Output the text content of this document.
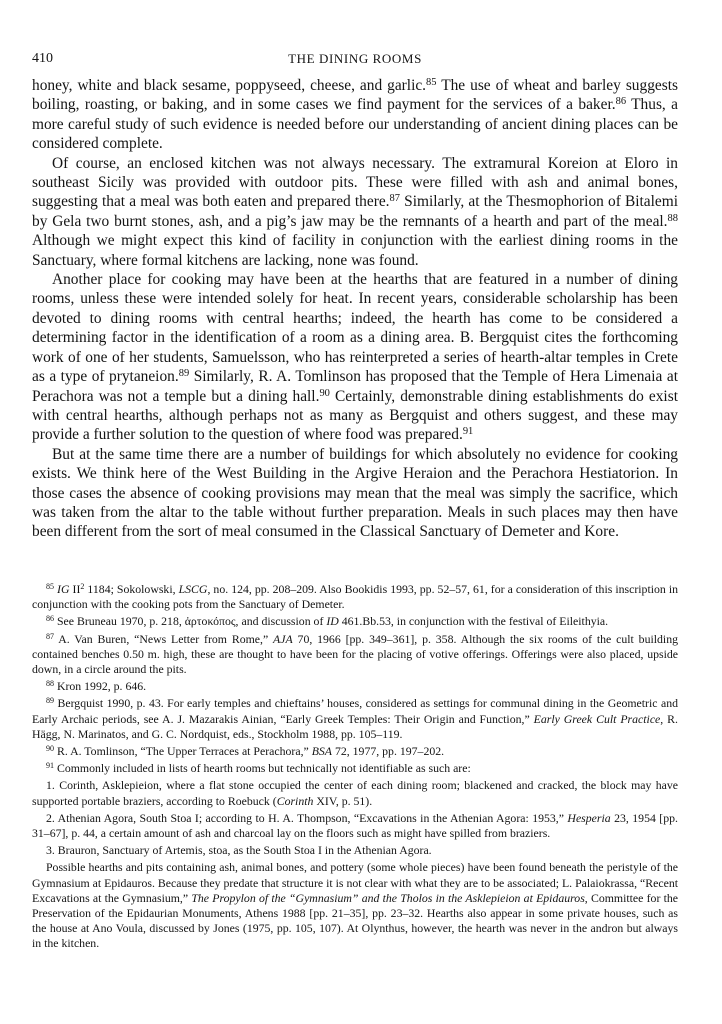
410	THE DINING ROOMS

honey, white and black sesame, poppyseed, cheese, and garlic.$^{85}$ The use of wheat and barley suggests boiling, roasting, or baking, and in some cases we find payment for the services of a baker.$^{86}$ Thus, a more careful study of such evidence is needed before our understanding of ancient dining places can be considered complete.

Of course, an enclosed kitchen was not always necessary. The extramural Koreion at Eloro in southeast Sicily was provided with outdoor pits. These were filled with ash and animal bones, suggesting that a meal was both eaten and prepared there.$^{87}$ Similarly, at the Thesmophorion of Bitalemi by Gela two burnt stones, ash, and a pig’s jaw may be the remnants of a hearth and part of the meal.$^{88}$ Although we might expect this kind of facility in conjunction with the earliest dining rooms in the Sanctuary, where formal kitchens are lacking, none was found.

Another place for cooking may have been at the hearths that are featured in a number of dining rooms, unless these were intended solely for heat. In recent years, considerable scholarship has been devoted to dining rooms with central hearths; indeed, the hearth has come to be considered a determining factor in the identification of a room as a dining area. B. Bergquist cites the forthcoming work of one of her students, Samuelsson, who has reinterpreted a series of hearth-altar temples in Crete as a type of prytaneion.$^{89}$ Similarly, R. A. Tomlinson has proposed that the Temple of Hera Limenaia at Perachora was not a temple but a dining hall.$^{90}$ Certainly, demonstrable dining establishments do exist with central hearths, although perhaps not as many as Bergquist and others suggest, and these may provide a further solution to the question of where food was prepared.$^{91}$

But at the same time there are a number of buildings for which absolutely no evidence for cooking exists. We think here of the West Building in the Argive Heraion and the Perachora Hestiatorion. In those cases the absence of cooking provisions may mean that the meal was simply the sacrifice, which was taken from the altar to the table without further preparation. Meals in such places may then have been different from the sort of meal consumed in the Classical Sanctuary of Demeter and Kore.

$^{85}$ IG $II^2$ 1184; Sokolowski, LSCG, no. 124, pp. 208–209. Also Bookidis 1993, pp. 52–57, 61, for a consideration of this inscription in conjunction with the cooking pots from the Sanctuary of Demeter.

$^{86}$ See Bruneau 1970, p. 218, ἀρτοκόπος, and discussion of ID 461.Bb.53, in conjunction with the festival of Eileithyia.

$^{87}$ A. Van Buren, “News Letter from Rome,” AJA 70, 1966 [pp. 349–361], p. 358. Although the six rooms of the cult building contained benches 0.50 m. high, these are thought to have been for the placing of votive offerings. Offerings were also placed, upside down, in a circle around the pits.

$^{88}$ Kron 1992, p. 646.

$^{89}$ Bergquist 1990, p. 43. For early temples and chieftains’ houses, considered as settings for communal dining in the Geometric and Early Archaic periods, see A. J. Mazarakis Ainian, “Early Greek Temples: Their Origin and Function,” Early Greek Cult Practice, R. Hägg, N. Marinatos, and G. C. Nordquist, eds., Stockholm 1988, pp. 105–119.

$^{90}$ R. A. Tomlinson, “The Upper Terraces at Perachora,” BSA 72, 1977, pp. 197–202.

$^{91}$ Commonly included in lists of hearth rooms but technically not identifiable as such are:

1. Corinth, Asklepieion, where a flat stone occupied the center of each dining room; blackened and cracked, the block may have supported portable braziers, according to Roebuck (Corinth XIV, p. 51).

2. Athenian Agora, South Stoa I; according to H. A. Thompson, “Excavations in the Athenian Agora: 1953,” Hesperia 23, 1954 [pp. 31–67], p. 44, a certain amount of ash and charcoal lay on the floors such as might have spilled from braziers.

3. Brauron, Sanctuary of Artemis, stoa, as the South Stoa I in the Athenian Agora.

Possible hearths and pits containing ash, animal bones, and pottery (some whole pieces) have been found beneath the peristyle of the Gymnasium at Epidauros. Because they predate that structure it is not clear with what they are to be associated; L. Palaiokrassa, “Recent Excavations at the Gymnasium,” The Propylon of the “Gymnasium” and the Tholos in the Asklepieion at Epidauros, Committee for the Preservation of the Epidaurian Monuments, Athens 1988 [pp. 21–35], pp. 23–32. Hearths also appear in some private houses, such as the house at Ano Voula, discussed by Jones (1975, pp. 105, 107). At Olynthus, however, the hearth was never in the andron but always in the kitchen.
